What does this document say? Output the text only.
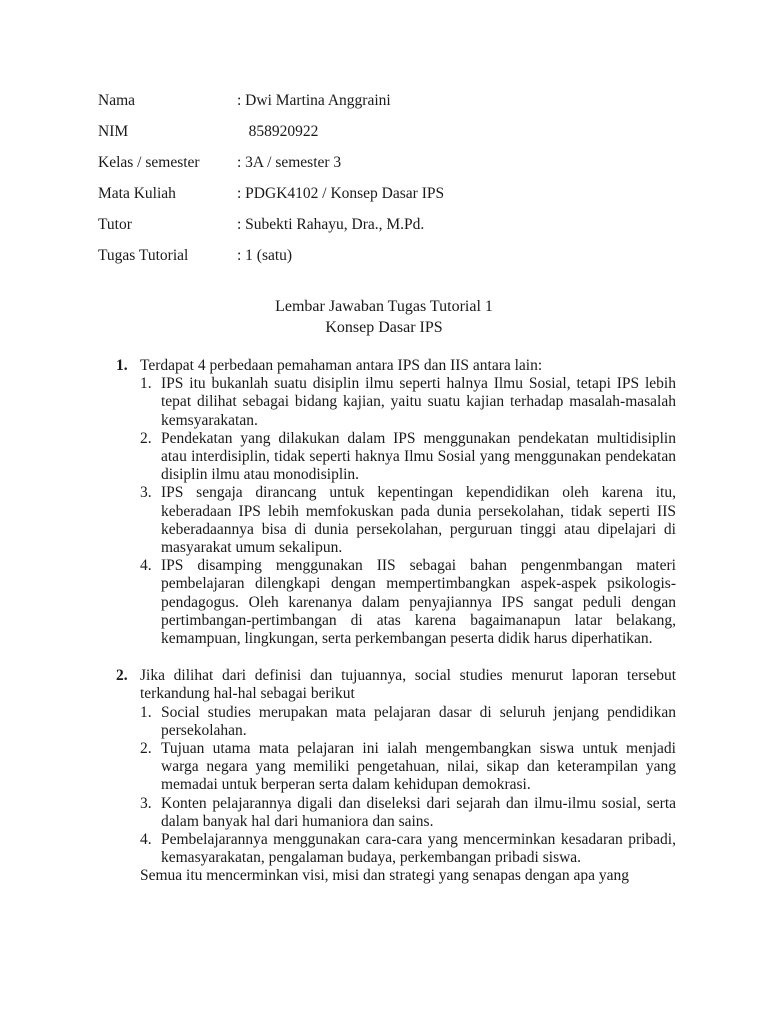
Nama	: Dwi Martina Anggraini
NIM	858920922
Kelas / semester	: 3A / semester 3
Mata Kuliah	: PDGK4102 / Konsep Dasar IPS
Tutor	: Subekti Rahayu, Dra., M.Pd.
Tugas Tutorial	: 1 (satu)
Lembar Jawaban Tugas Tutorial 1
Konsep Dasar IPS
1. Terdapat 4 perbedaan pemahaman antara IPS dan IIS antara lain:
1. IPS itu bukanlah suatu disiplin ilmu seperti halnya Ilmu Sosial, tetapi IPS lebih tepat dilihat sebagai bidang kajian, yaitu suatu kajian terhadap masalah-masalah kemsyarakatan.
2. Pendekatan yang dilakukan dalam IPS menggunakan pendekatan multidisiplin atau interdisiplin, tidak seperti haknya Ilmu Sosial yang menggunakan pendekatan disiplin ilmu atau monodisiplin.
3. IPS sengaja dirancang untuk kepentingan kependidikan oleh karena itu, keberadaan IPS lebih memfokuskan pada dunia persekolahan, tidak seperti IIS keberadaannya bisa di dunia persekolahan, perguruan tinggi atau dipelajari di masyarakat umum sekalipun.
4. IPS disamping menggunakan IIS sebagai bahan pengenmbangan materi pembelajaran dilengkapi dengan mempertimbangkan aspek-aspek psikologis-pendagogus. Oleh karenanya dalam penyajiannya IPS sangat peduli dengan pertimbangan-pertimbangan di atas karena bagaimanapun latar belakang, kemampuan, lingkungan, serta perkembangan peserta didik harus diperhatikan.
2. Jika dilihat dari definisi dan tujuannya, social studies menurut laporan tersebut terkandung hal-hal sebagai berikut
1. Social studies merupakan mata pelajaran dasar di seluruh jenjang pendidikan persekolahan.
2. Tujuan utama mata pelajaran ini ialah mengembangkan siswa untuk menjadi warga negara yang memiliki pengetahuan, nilai, sikap dan keterampilan yang memadai untuk berperan serta dalam kehidupan demokrasi.
3. Konten pelajarannya digali dan diseleksi dari sejarah dan ilmu-ilmu sosial, serta dalam banyak hal dari humaniora dan sains.
4. Pembelajarannya menggunakan cara-cara yang mencerminkan kesadaran pribadi, kemasyarakatan, pengalaman budaya, perkembangan pribadi siswa.
Semua itu mencerminkan visi, misi dan strategi yang senapas dengan apa yang
